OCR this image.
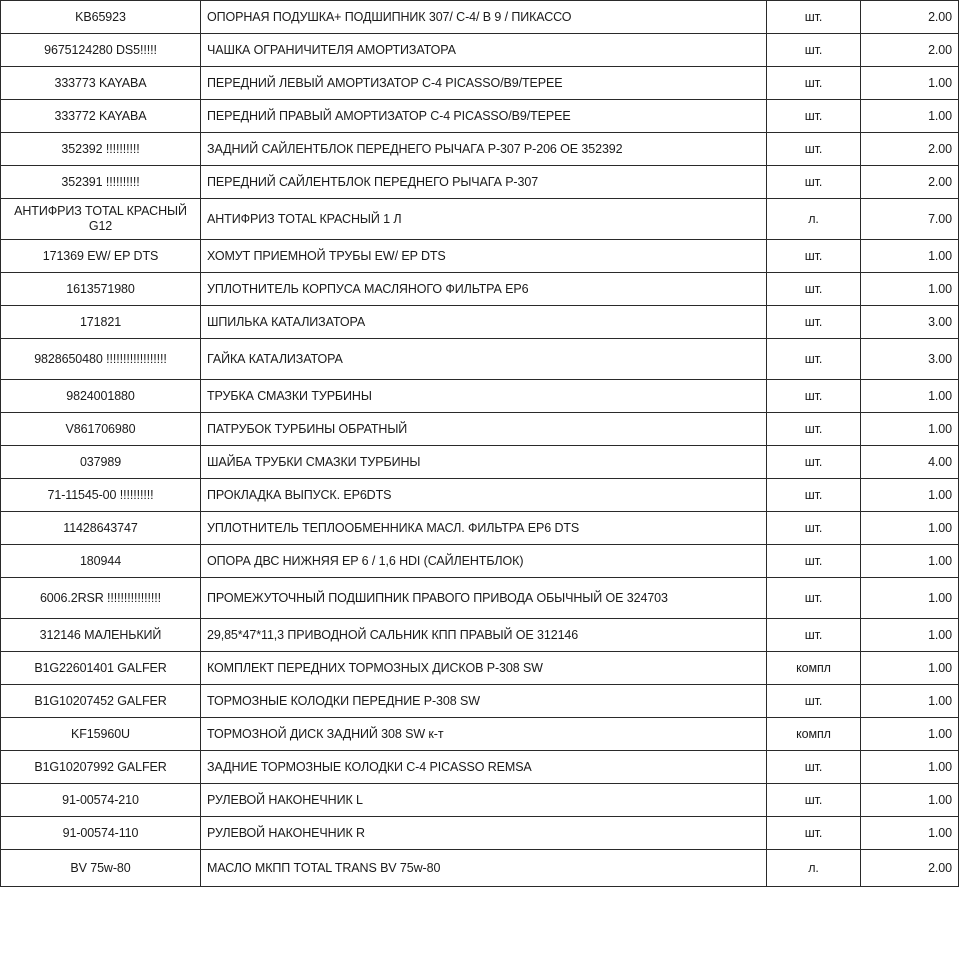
KB65923	ОПОРНАЯ ПОДУШКА+ ПОДШИПНИК 307/ C-4/ В 9 / ПИКАССО	шт.	2.00
9675124280 DS5!!!!!	ЧАШКА ОГРАНИЧИТЕЛЯ АМОРТИЗАТОРА	шт.	2.00
333773 KAYABA	ПЕРЕДНИЙ ЛЕВЫЙ АМОРТИЗАТОР C-4 PICASSO/B9/TEPEE	шт.	1.00
333772 KAYABA	ПЕРЕДНИЙ ПРАВЫЙ АМОРТИЗАТОР C-4 PICASSO/B9/TEPEE	шт.	1.00
352392 !!!!!!!!!!	ЗАДНИЙ САЙЛЕНТБЛОК ПЕРЕДНЕГО РЫЧАГА P-307 P-206 OE 352392	шт.	2.00
352391 !!!!!!!!!!	ПЕРЕДНИЙ САЙЛЕНТБЛОК ПЕРЕДНЕГО РЫЧАГА P-307	шт.	2.00
АНТИФРИЗ TOTAL КРАСНЫЙ G12	АНТИФРИЗ TOTAL КРАСНЫЙ 1 Л	л.	7.00
171369 EW/ EP DTS	ХОМУТ ПРИЕМНОЙ ТРУБЫ EW/ EP DTS	шт.	1.00
1613571980	УПЛОТНИТЕЛЬ КОРПУСА МАСЛЯНОГО ФИЛЬТРА EP6	шт.	1.00
171821	ШПИЛЬКА КАТАЛИЗАТОРА	шт.	3.00
9828650480 !!!!!!!!!!!!!!!!!!	ГАЙКА КАТАЛИЗАТОРА	шт.	3.00
9824001880	ТРУБКА СМАЗКИ ТУРБИНЫ	шт.	1.00
V861706980	ПАТРУБОК ТУРБИНЫ ОБРАТНЫЙ	шт.	1.00
037989	ШАЙБА ТРУБКИ СМАЗКИ ТУРБИНЫ	шт.	4.00
71-11545-00 !!!!!!!!!!	ПРОКЛАДКА ВЫПУСК. EP6DTS	шт.	1.00
11428643747	УПЛОТНИТЕЛЬ ТЕПЛООБМЕННИКА МАСЛ. ФИЛЬТРА EP6 DTS	шт.	1.00
180944	ОПОРА ДВС НИЖНЯЯ EP 6 / 1,6 HDI (САЙЛЕНТБЛОК)	шт.	1.00
6006.2RSR !!!!!!!!!!!!!!!!	ПРОМЕЖУТОЧНЫЙ ПОДШИПНИК ПРАВОГО ПРИВОДА ОБЫЧНЫЙ ОЕ 324703	шт.	1.00
312146 МАЛЕНЬКИЙ	29,85*47*11,3 ПРИВОДНОЙ САЛЬНИК КПП ПРАВЫЙ ОЕ 312146	шт.	1.00
B1G22601401 GALFER	КОМПЛЕКТ ПЕРЕДНИХ ТОРМОЗНЫХ ДИСКОВ P-308 SW	компл	1.00
B1G10207452 GALFER	ТОРМОЗНЫЕ КОЛОДКИ ПЕРЕДНИЕ P-308 SW	шт.	1.00
KF15960U	ТОРМОЗНОЙ ДИСК ЗАДНИЙ 308 SW к-т	компл	1.00
B1G10207992 GALFER	ЗАДНИЕ ТОРМОЗНЫЕ КОЛОДКИ C-4 PICASSO REMSA	шт.	1.00
91-00574-210	РУЛЕВОЙ НАКОНЕЧНИК L	шт.	1.00
91-00574-110	РУЛЕВОЙ НАКОНЕЧНИК R	шт.	1.00
BV 75w-80	МАСЛО МКПП TOTAL TRANS BV 75w-80	л.	2.00
